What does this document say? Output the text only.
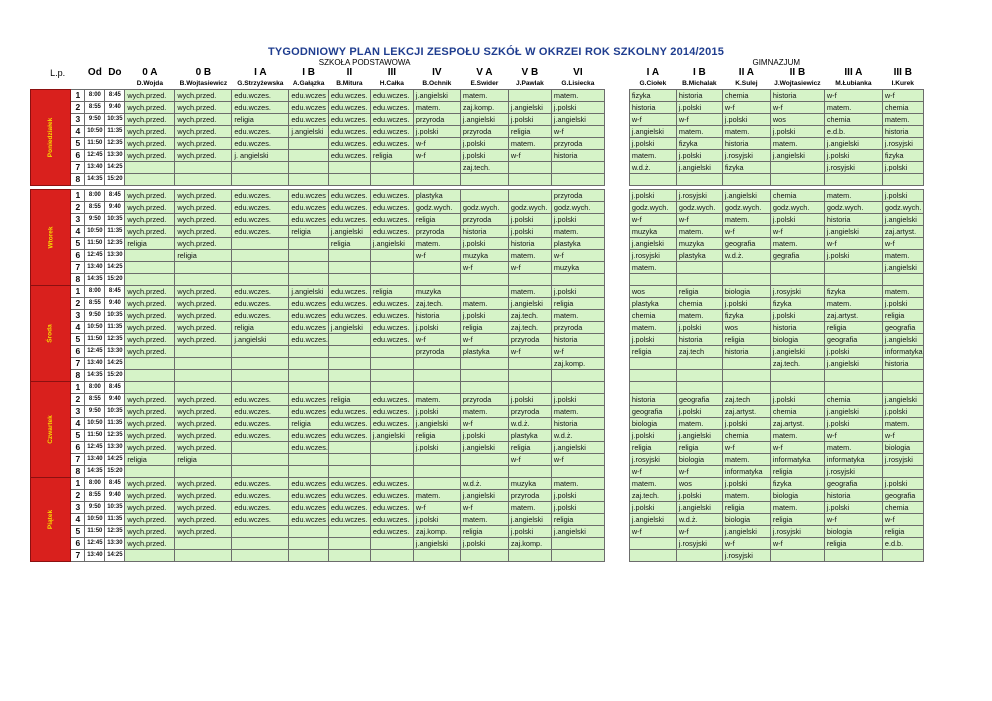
TYGODNIOWY PLAN LEKCJI ZESPOŁU SZKÓŁ W OKRZEI ROK SZKOLNY 2014/2015
				SZKOŁA PODSTAWOWA											GIMNAZJUM					
L.p.		Od	Do	0 A	0 B	I A	I B	II	III	IV	V A	V B	VI		I A	I B	II A	II B	III A	III B
				D.Wojda	B.Wojtasiewicz	G.Strzyżewska	A.Gałązka	B.Mitura	H.Całka	B.Ochnik	E.Swider	J.Pawlak	G.Lisiecka		G.Ciołek	B.Michalak	K.Sulej	J.Wojtasiewicz	M.Łubianka	I.Kurek
Poniedziałek	1	8:00	8:45	wych.przed.	wych.przed.	edu.wczes.	edu.wczes	edu.wczes.	edu.wczes.	j.angielski	matem.		matem.		fizyka	historia	chemia	historia	w-f	w-f
	2	8:55	9:40	wych.przed.	wych.przed.	edu.wczes.	edu.wczes	edu.wczes.	edu.wczes.	matem.	zaj.komp.	j.angielski	j.polski		historia	j.polski	w-f	w-f	matem.	chemia
	3	9:50	10:35	wych.przed.	wych.przed.	religia	edu.wczes	edu.wczes.	edu.wczes.	przyroda	j.angielski	j.polski	j.angielski		w-f	w-f	j.polski	wos	chemia	matem.
	4	10:50	11:35	wych.przed.	wych.przed.	edu.wczes.	j.angielski	edu.wczes.	edu.wczes.	j.polski	przyroda	religia	w-f		j.angielski	matem.	matem.	j.polski	e.d.b.	historia
	5	11:50	12:35	wych.przed.	wych.przed.	edu.wczes.		edu.wczes.	edu.wczes.	w-f	j.polski	matem.	przyroda		j.polski	fizyka	historia	matem.	j.angielski	j.rosyjski
	6	12:45	13:30	wych.przed.	wych.przed.	j. angielski		edu.wczes.	religia	w-f	j.polski	w-f	historia		matem.	j.polski	j.rosyjski	j.angielski	j.polski	fizyka
	7	13:40	14:25								zaj.tech.				w.d.ż.	j.angielski	fizyka		j.rosyjski	j.polski
	8	14:35	15:20																	

Wtorek	1	8:00	8:45	wych.przed.	wych.przed.	edu.wczes.	edu.wczes	edu.wczes.	edu.wczes.	plastyka			przyroda		j.polski	j.rosyjski	j.angielski	chemia	matem.	j.polski
	2	8:55	9:40	wych.przed.	wych.przed.	edu.wczes.	edu.wczes	edu.wczes.	edu.wczes.	godz.wych.	godz.wych.	godz.wych.	godz.wych.		godz.wych.	godz.wych.	godz.wych.	godz.wych.	godz.wych.	godz.wych.
	3	9:50	10:35	wych.przed.	wych.przed.	edu.wczes.	edu.wczes	edu.wczes.	edu.wczes.	religia	przyroda	j.polski	j.polski		w-f	w-f	matem.	j.polski	historia	j.angielski
	4	10:50	11:35	wych.przed.	wych.przed.	edu.wczes.	religia	j.angielski	edu.wczes.	przyroda	historia	j.polski	matem.		muzyka	matem.	w-f	w-f	j.angielski	zaj.artyst.
	5	11:50	12:35	religia	wych.przed.			religia	j.angielski	matem.	j.polski	historia	plastyka		j.angielski	muzyka	geografia	matem.	w-f	w-f
	6	12:45	13:30		religia					w-f	muzyka	matem.	w-f		j.rosyjski	plastyka	w.d.ż.	gegrafia	j.polski	matem.
	7	13:40	14:25								w-f	w-f	muzyka		matem.					j.angielski
	8	14:35	15:20																	
Środa	1	8:00	8:45	wych.przed.	wych.przed.	edu.wczes.	j.angielski	edu.wczes.	religia	muzyka		matem.	j.polski		wos	religia	biologia	j.rosyjski	fizyka	matem.
	2	8:55	9:40	wych.przed.	wych.przed.	edu.wczes.	edu.wczes	edu.wczes.	edu.wczes.	zaj.tech.	matem.	j.angielski	religia		plastyka	chemia	j.polski	fizyka	matem.	j.polski
	3	9:50	10:35	wych.przed.	wych.przed.	edu.wczes.	edu.wczes	edu.wczes.	edu.wczes.	historia	j.polski	zaj.tech.	matem.		chemia	matem.	fizyka	j.polski	zaj.artyst.	religia
	4	10:50	11:35	wych.przed.	wych.przed.	religia	edu.wczes	j.angielski	edu.wczes.	j.polski	religia	zaj.tech.	przyroda		matem.	j.polski	wos	historia	religia	geografia
	5	11:50	12:35	wych.przed.	wych.przed.	j.angielski	edu.wczes.		edu.wczes.	w-f	w-f	przyroda	historia		j.polski	historia	religia	biologia	geografia	j.angielski
	6	12:45	13:30	wych.przed.						przyroda	plastyka	w-f	w-f		religia	zaj.tech	historia	j.angielski	j.polski	informatyka
	7	13:40	14:25										zaj.komp.					zaj.tech.	j.angielski	historia
	8	14:35	15:20																	
Czwartek	1	8:00	8:45																	
	2	8:55	9:40	wych.przed.	wych.przed.	edu.wczes.	edu.wczes	religia	edu.wczes.	matem.	przyroda	j.polski	j.polski		historia	geografia	zaj.tech	j.polski	chemia	j.angielski
	3	9:50	10:35	wych.przed.	wych.przed.	edu.wczes.	edu.wczes	edu.wczes.	edu.wczes.	j.polski	matem.	przyroda	matem.		geografia	j.polski	zaj.artyst.	chemia	j.angielski	j.polski
	4	10:50	11:35	wych.przed.	wych.przed.	edu.wczes.	religia	edu.wczes.	edu.wczes.	j.angielski	w-f	w.d.ż.	historia		biologia	matem.	j.polski	zaj.artyst.	j.polski	matem.
	5	11:50	12:35	wych.przed.	wych.przed.	edu.wczes.	edu.wczes	edu.wczes.	j.angielski	religia	j.polski	plastyka	w.d.ż.		j.polski	j.angielski	chemia	matem.	w-f	w-f
	6	12:45	13:30	wych.przed.	wych.przed.		edu.wczes.			j.polski	j.angielski	religia	j.angielski		religia	religia	w-f	w-f	matem.	biologia
	7	13:40	14:25	religia	religia							w-f	w-f		j.rosyjski	biologia	matem.	informatyka	informatyka	j.rosyjski
	8	14:35	15:20												w-f	w-f	informatyka	religia	j.rosyjski	
Piątek	1	8:00	8:45	wych.przed.	wych.przed.	edu.wczes.	edu.wczes	edu.wczes.	edu.wczes.		w.d.ż.	muzyka	matem.		matem.	wos	j.polski	fizyka	geografia	j.polski
	2	8:55	9:40	wych.przed.	wych.przed.	edu.wczes.	edu.wczes	edu.wczes.	edu.wczes.	matem.	j.angielski	przyroda	j.polski		zaj.tech.	j.polski	matem.	biologia	historia	geografia
	3	9:50	10:35	wych.przed.	wych.przed.	edu.wczes.	edu.wczes	edu.wczes.	edu.wczes.	w-f	w-f	matem.	j.polski		j.polski	j.angielski	religia	matem.	j.polski	chemia
	4	10:50	11:35	wych.przed.	wych.przed.	edu.wczes.	edu.wczes	edu.wczes.	edu.wczes.	j.polski	matem.	j.angielski	religia		j.angielski	w.d.ż.	biologia	religia	w-f	w-f
	5	11:50	12:35	wych.przed.	wych.przed.				edu.wczes.	zaj.komp.	religia	j.polski	j.angielski		w-f	w-f	j.angielski	j.rosyjski	biologia	religia
	6	12:45	13:30	wych.przed.						j.angielski	j.polski	zaj.komp.				j.rosyjski	w-f	w-f	religia	e.d.b.
	7	13:40	14:25														j.rosyjski			
